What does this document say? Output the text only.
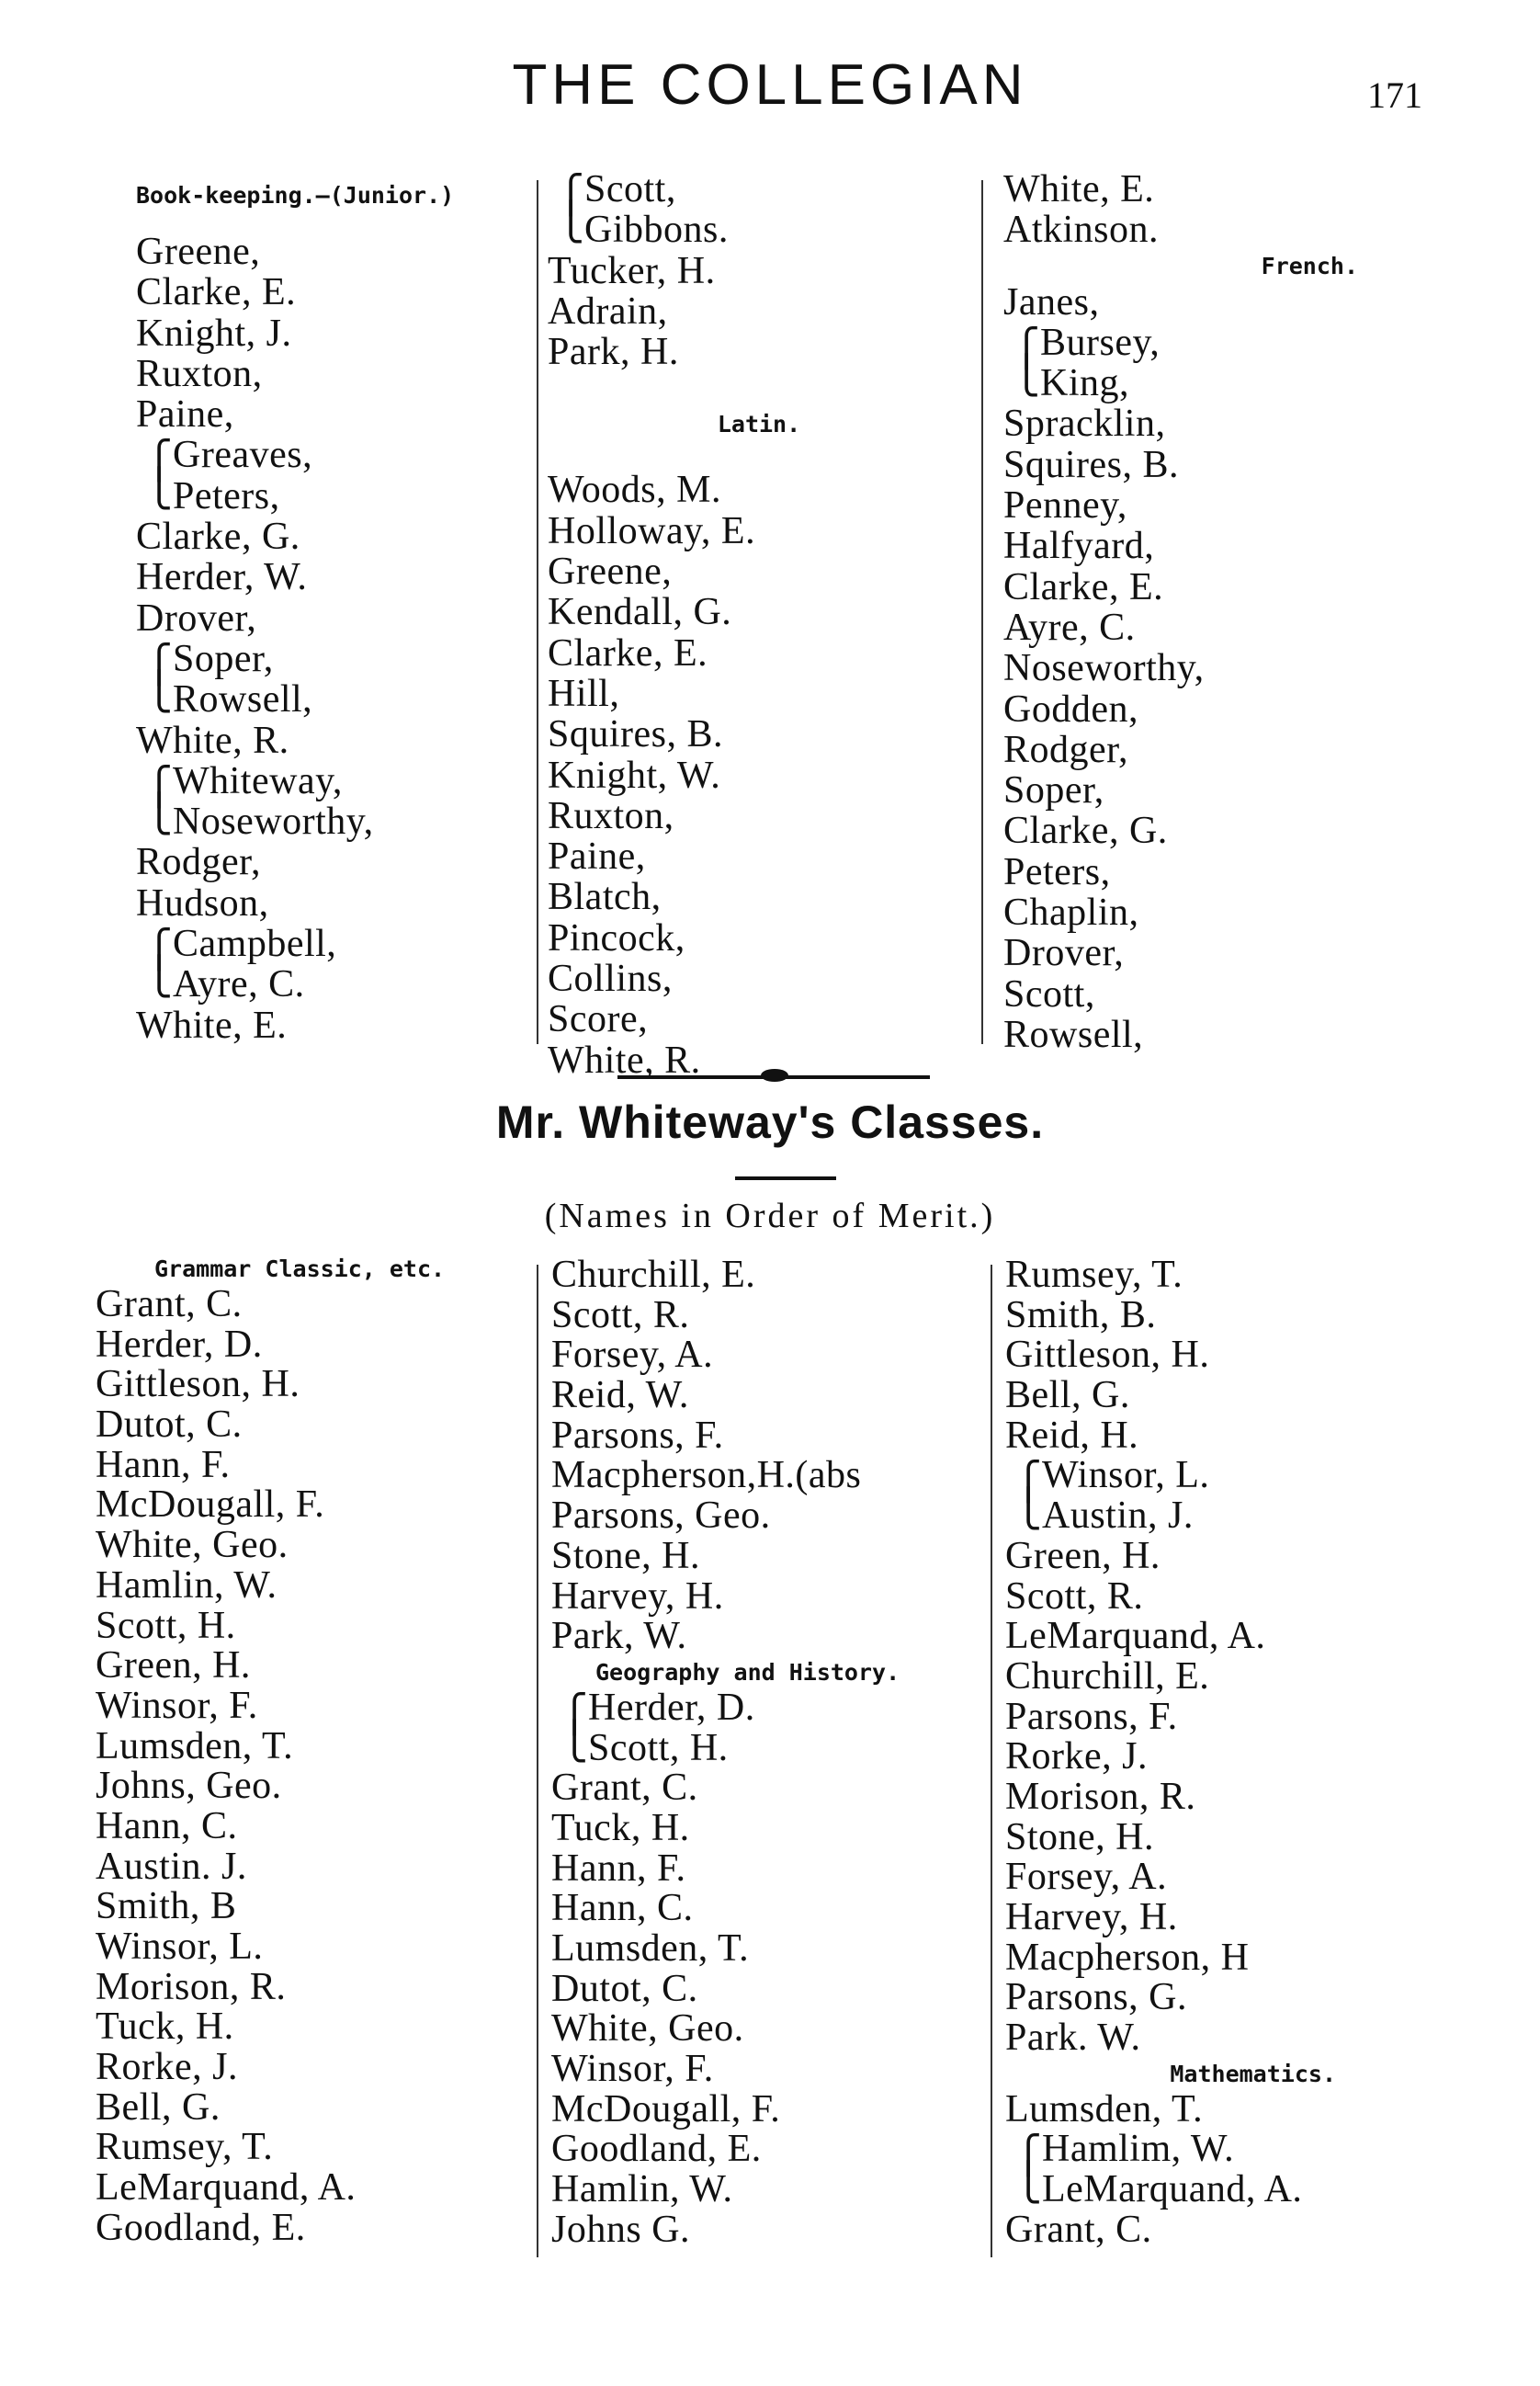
THE COLLEGIAN	171
Book-keeping.—(Junior.)
Greene,
Clarke, E.
Knight, J.
Ruxton,
Paine,
⎧ Greaves,
⎩ Peters,
Clarke, G.
Herder, W.
Drover,
⎧ Soper,
⎩ Rowsell,
White, R.
⎧ Whiteway,
⎩ Noseworthy,
Rodger,
Hudson,
⎧ Campbell,
⎩ Ayre, C.
White, E.
⎧ Scott,
⎩ Gibbons.
Tucker, H.
Adrain,
Park, H.
Latin.
Woods, M.
Holloway, E.
Greene,
Kendall, G.
Clarke, E.
Hill,
Squires, B.
Knight, W.
Ruxton,
Paine,
Blatch,
Pincock,
Collins,
Score,
White, R.
White, E.
Atkinson.
French.
Janes,
⎧ Bursey,
⎩ King,
Spracklin,
Squires, B.
Penney,
Halfyard,
Clarke, E.
Ayre, C.
Noseworthy,
Godden,
Rodger,
Soper,
Clarke, G.
Peters,
Chaplin,
Drover,
Scott,
Rowsell,
Mr. Whiteway's Classes.
(Names in Order of Merit.)
Grammar Classic, etc.
Grant, C.
Herder, D.
Gittleson, H.
Dutot, C.
Hann, F.
McDougall, F.
White, Geo.
Hamlin, W.
Scott, H.
Green, H.
Winsor, F.
Lumsden, T.
Johns, Geo.
Hann, C.
Austin. J.
Smith, B
Winsor, L.
Morison, R.
Tuck, H.
Rorke, J.
Bell, G.
Rumsey, T.
LeMarquand, A.
Goodland, E.
Churchill, E.
Scott, R.
Forsey, A.
Reid, W.
Parsons, F.
Macpherson,H.(abs
Parsons, Geo.
Stone, H.
Harvey, H.
Park, W.
Geography and History.
⎧ Herder, D.
⎩ Scott, H.
Grant, C.
Tuck, H.
Hann, F.
Hann, C.
Lumsden, T.
Dutot, C.
White, Geo.
Winsor, F.
McDougall, F.
Goodland, E.
Hamlin, W.
Johns G.
Rumsey, T.
Smith, B.
Gittleson, H.
Bell, G.
Reid, H.
⎧ Winsor, L.
⎩ Austin, J.
Green, H.
Scott, R.
LeMarquand, A.
Churchill, E.
Parsons, F.
Rorke, J.
Morison, R.
Stone, H.
Forsey, A.
Harvey, H.
Macpherson, H
Parsons, G.
Park. W.
Mathematics.
Lumsden, T.
⎧ Hamlim, W.
⎩ LeMarquand, A.
Grant, C.
